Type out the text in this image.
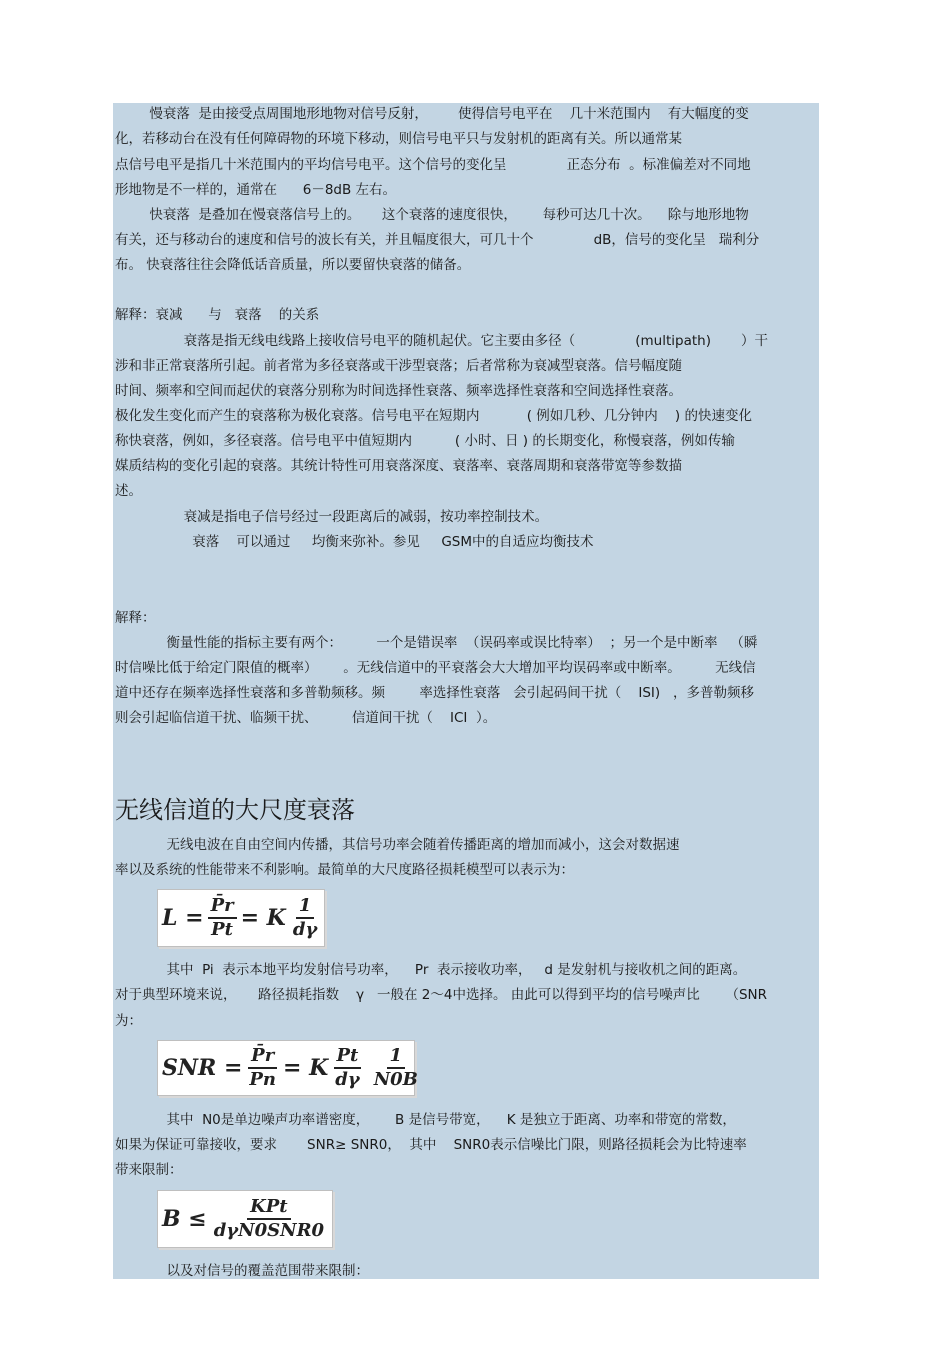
慢衰落  是由接受点周围地形地物对信号反射，       使得信号电平在    几十米范围内    有大幅度的变
化，若移动台在没有任何障碍物的环境下移动，则信号电平只与发射机的距离有关。所以通常某
点信号电平是指几十米范围内的平均信号电平。这个信号的变化呈              正态分布  。标准偏差对不同地
形地物是不一样的，通常在      6－8dB 左右。
快衰落  是叠加在慢衰落信号上的。     这个衰落的速度很快，      每秒可达几十次。    除与地形地物
有关，还与移动台的速度和信号的波长有关，并且幅度很大，可几十个              dB，信号的变化呈   瑞利分
布。 快衰落往往会降低话音质量，所以要留快衰落的储备。
解释：衰减      与   衰落    的关系
衰落是指无线电线路上接收信号电平的随机起伏。它主要由多径（              (multipath)       ）干
涉和非正常衰落所引起。前者常为多径衰落或干涉型衰落；后者常称为衰减型衰落。信号幅度随
时间、频率和空间而起伏的衰落分别称为时间选择性衰落、频率选择性衰落和空间选择性衰落。
极化发生变化而产生的衰落称为极化衰落。信号电平在短期内           ( 例如几秒、几分钟内    ) 的快速变化
称快衰落，例如，多径衰落。信号电平中值短期内          ( 小时、日 ) 的长期变化，称慢衰落，例如传输
媒质结构的变化引起的衰落。其统计特性可用衰落深度、衰落率、衰落周期和衰落带宽等参数描
述。
衰减是指电子信号经过一段距离后的减弱，按功率控制技术。
衰落    可以通过     均衡来弥补。参见     GSM中的自适应均衡技术
解释：
衡量性能的指标主要有两个：        一个是错误率  （误码率或误比特率）  ；另一个是中断率   （瞬
时信噪比低于给定门限值的概率）      。无线信道中的平衰落会大大增加平均误码率或中断率。        无线信
道中还存在频率选择性衰落和多普勒频移。频        率选择性衰落   会引起码间干扰（    ISI)   ，多普勒频移
则会引起临信道干扰、临频干扰、        信道间干扰（    ICI  ）。
无线信道的大尺度衰落
无线电波在自由空间内传播，其信号功率会随着传播距离的增加而减小，这会对数据速
率以及系统的性能带来不利影响。最简单的大尺度路径损耗模型可以表示为：
$L = \frac{P̄r}{Pt} = K \frac{1}{d\gamma}$
其中  Pi  表示本地平均发射信号功率，    Pr  表示接收功率，   d 是发射机与接收机之间的距离。
对于典型环境来说，     路径损耗指数    γ   一般在 2～4中选择。 由此可以得到平均的信号噪声比      （SNR
为：
SNR = $\frac{P̄r}{Pn} = K \frac{Pt}{d\gamma} \frac{1}{N0B}$
其中  N0是单边噪声功率谱密度，      B 是信号带宽，    K 是独立于距离、功率和带宽的常数，
如果为保证可靠接收，要求       SNR≥ SNR0，  其中    SNR0表示信噪比门限，则路径损耗会为比特速率
带来限制：
$B \le \frac{\text{KPt}}{\text{dγN0SNR0}}$
以及对信号的覆盖范围带来限制：
